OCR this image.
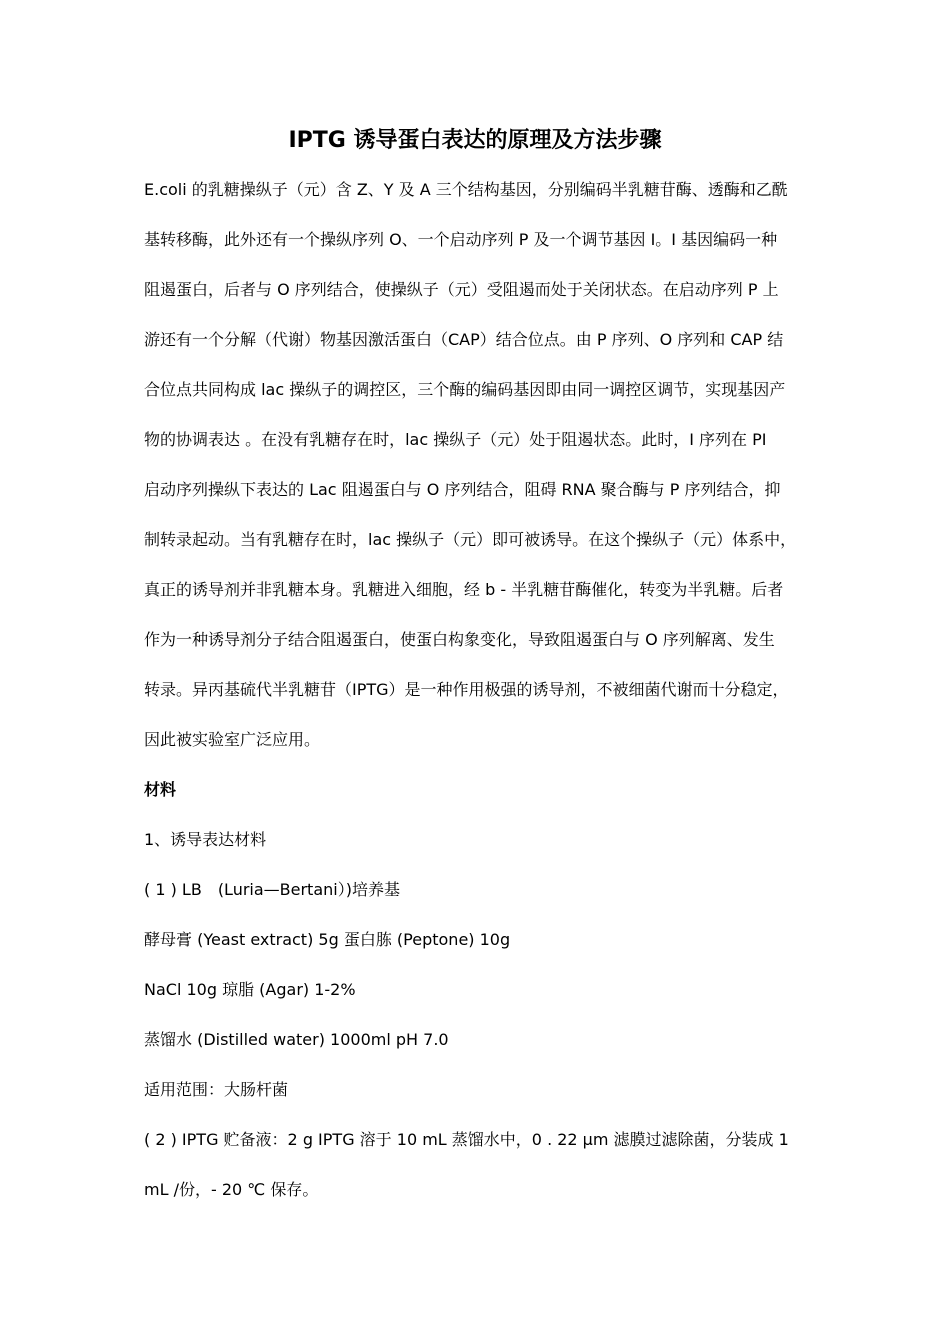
IPTG 诱导蛋白表达的原理及方法步骤
E.coli 的乳糖操纵子（元）含 Z、Y 及 A 三个结构基因，分别编码半乳糖苷酶、透酶和乙酰
基转移酶，此外还有一个操纵序列 O、一个启动序列 P 及一个调节基因 I。I 基因编码一种
阻遏蛋白，后者与 O 序列结合，使操纵子（元）受阻遏而处于关闭状态。在启动序列 P 上
游还有一个分解（代谢）物基因激活蛋白（CAP）结合位点。由 P 序列、O 序列和 CAP 结
合位点共同构成 lac 操纵子的调控区，三个酶的编码基因即由同一调控区调节，实现基因产
物的协调表达 。在没有乳糖存在时，lac 操纵子（元）处于阻遏状态。此时，I 序列在 PI
启动序列操纵下表达的 Lac 阻遏蛋白与 O 序列结合，阻碍 RNA 聚合酶与 P 序列结合，抑
制转录起动。当有乳糖存在时，lac 操纵子（元）即可被诱导。在这个操纵子（元）体系中，
真正的诱导剂并非乳糖本身。乳糖进入细胞，经 b - 半乳糖苷酶催化，转变为半乳糖。后者
作为一种诱导剂分子结合阻遏蛋白，使蛋白构象变化，导致阻遏蛋白与 O 序列解离、发生
转录。异丙基硫代半乳糖苷（IPTG）是一种作用极强的诱导剂，不被细菌代谢而十分稳定，
因此被实验室广泛应用。
材料
1、诱导表达材料
( 1 ) LB　(Luria—Bertani）)培养基
酵母膏 (Yeast extract) 5g 蛋白胨 (Peptone) 10g
NaCl 10g 琼脂 (Agar) 1-2%
蒸馏水 (Distilled water) 1000ml pH 7.0
适用范围：大肠杆菌
( 2 ) IPTG 贮备液：2 g IPTG 溶于 10 mL 蒸馏水中，0 . 22 μm 滤膜过滤除菌，分装成 1
mL /份，- 20 ℃ 保存。
